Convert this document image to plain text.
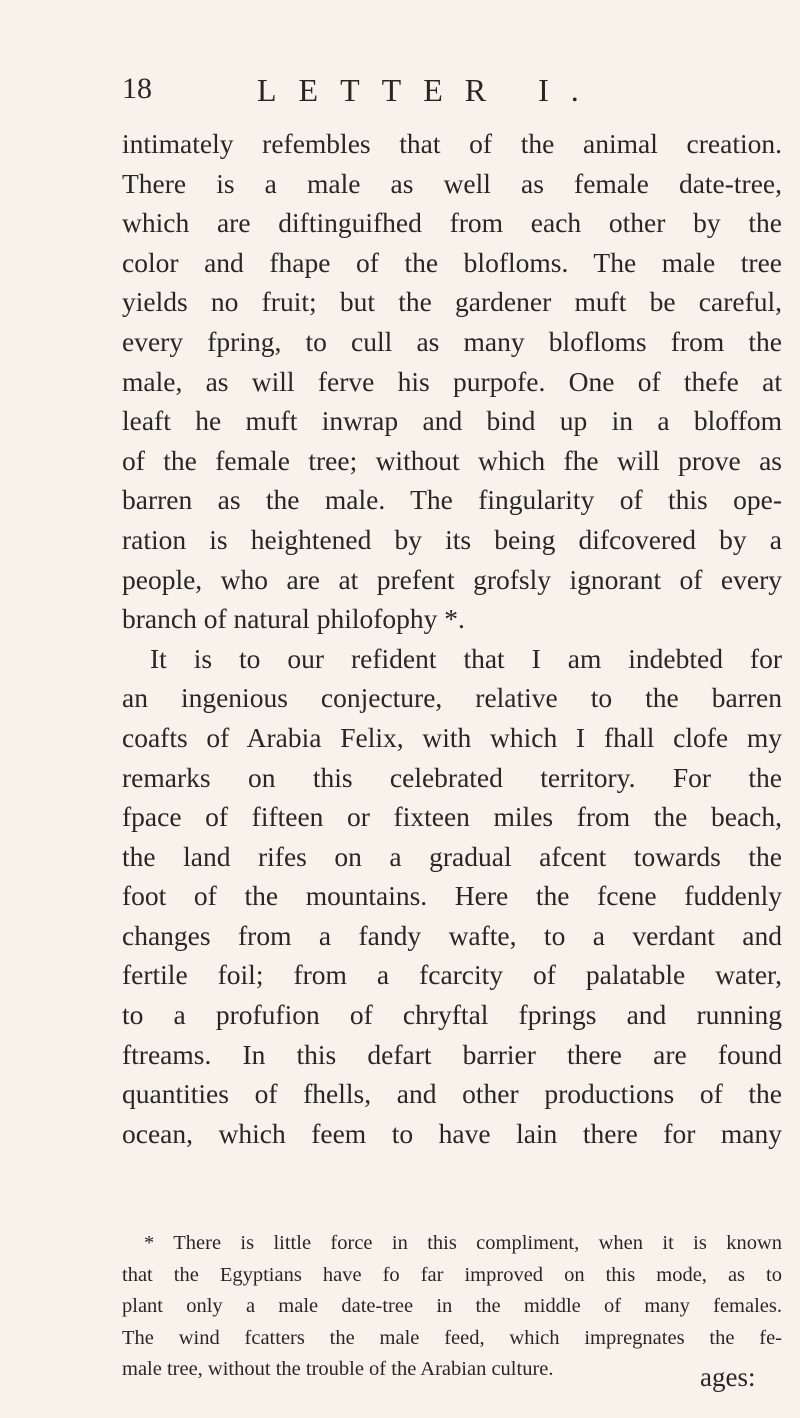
18	LETTER I.
intimately refembles that of the animal creation.
There is a male as well as female date-tree,
which are diftinguifhed from each other by the
color and fhape of the blofloms. The male tree
yields no fruit; but the gardener muft be careful,
every fpring, to cull as many blofloms from the
male, as will ferve his purpofe. One of thefe at
leaft he muft inwrap and bind up in a bloffom
of the female tree; without which fhe will prove as
barren as the male. The fingularity of this ope-
ration is heightened by its being difcovered by a
people, who are at prefent grofsly ignorant of every
branch of natural philofophy *.
It is to our refident that I am indebted for
an ingenious conjecture, relative to the barren
coafts of Arabia Felix, with which I fhall clofe my
remarks on this celebrated territory. For the
fpace of fifteen or fixteen miles from the beach,
the land rifes on a gradual afcent towards the
foot of the mountains. Here the fcene fuddenly
changes from a fandy wafte, to a verdant and
fertile foil; from a fcarcity of palatable water,
to a profufion of chryftal fprings and running
ftreams. In this defart barrier there are found
quantities of fhells, and other productions of the
ocean, which feem to have lain there for many
* There is little force in this compliment, when it is known
that the Egyptians have fo far improved on this mode, as to
plant only a male date-tree in the middle of many females.
The wind fcatters the male feed, which impregnates the fe-
male tree, without the trouble of the Arabian culture.	ages:
